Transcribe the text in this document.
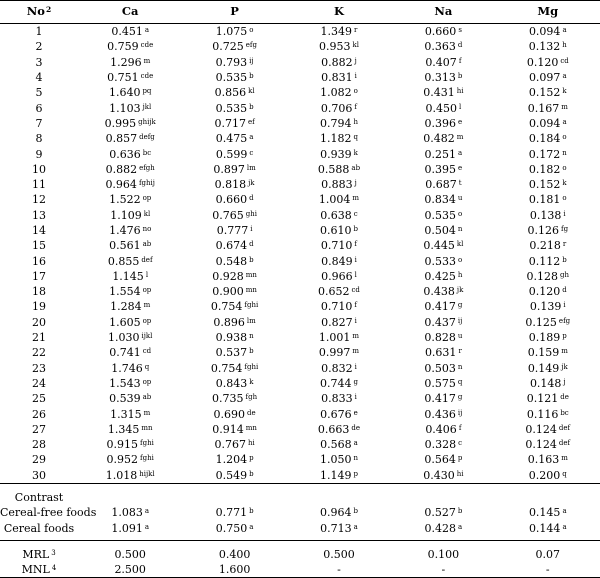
No$^2$	Ca	P	K	Na	Mg
1	0.451 $^a$	1.075 $^o$	1.349 $^r$	0.660 $^s$	0.094 $^a$
2	0.759 $^{cde}$	0.725 $^{efg}$	0.953 $^{kl}$	0.363 $^d$	0.132 $^h$
3	1.296 $^m$	0.793 $^{ij}$	0.882 $^j$	0.407 $^f$	0.120 $^{cd}$
4	0.751 $^{cde}$	0.535 $^b$	0.831 $^i$	0.313 $^b$	0.097 $^a$
5	1.640 $^{pq}$	0.856 $^{kl}$	1.082 $^o$	0.431 $^{hi}$	0.152 $^k$
6	1.103 $^{jkl}$	0.535 $^b$	0.706 $^f$	0.450 $^l$	0.167 $^m$
7	0.995 $^{ghijk}$	0.717 $^{ef}$	0.794 $^h$	0.396 $^e$	0.094 $^a$
8	0.857 $^{defg}$	0.475 $^a$	1.182 $^q$	0.482 $^m$	0.184 $^o$
9	0.636 $^{bc}$	0.599 $^c$	0.939 $^k$	0.251 $^a$	0.172 $^n$
10	0.882 $^{efgh}$	0.897 $^{lm}$	0.588 $^{ab}$	0.395 $^e$	0.182 $^o$
11	0.964 $^{fghij}$	0.818 $^{jk}$	0.883 $^j$	0.687 $^t$	0.152 $^k$
12	1.522 $^{op}$	0.660 $^d$	1.004 $^m$	0.834 $^u$	0.181 $^o$
13	1.109 $^{kl}$	0.765 $^{ghi}$	0.638 $^c$	0.535 $^o$	0.138 $^i$
14	1.476 $^{no}$	0.777 $^i$	0.610 $^b$	0.504 $^n$	0.126 $^{fg}$
15	0.561 $^{ab}$	0.674 $^d$	0.710 $^f$	0.445 $^{kl}$	0.218 $^r$
16	0.855 $^{def}$	0.548 $^b$	0.849 $^i$	0.533 $^o$	0.112 $^b$
17	1.145 $^l$	0.928 $^{mn}$	0.966 $^l$	0.425 $^h$	0.128 $^{gh}$
18	1.554 $^{op}$	0.900 $^{mn}$	0.652 $^{cd}$	0.438 $^{jk}$	0.120 $^d$
19	1.284 $^m$	0.754 $^{fghi}$	0.710 $^f$	0.417 $^g$	0.139 $^i$
20	1.605 $^{op}$	0.896 $^{lm}$	0.827 $^i$	0.437 $^{ij}$	0.125 $^{efg}$
21	1.030 $^{ijkl}$	0.938 $^n$	1.001 $^m$	0.828 $^u$	0.189 $^p$
22	0.741 $^{cd}$	0.537 $^b$	0.997 $^m$	0.631 $^r$	0.159 $^m$
23	1.746 $^q$	0.754 $^{fghi}$	0.832 $^i$	0.503 $^n$	0.149 $^{jk}$
24	1.543 $^{op}$	0.843 $^k$	0.744 $^g$	0.575 $^q$	0.148 $^j$
25	0.539 $^{ab}$	0.735 $^{fgh}$	0.833 $^i$	0.417 $^g$	0.121 $^{de}$
26	1.315 $^m$	0.690 $^{de}$	0.676 $^e$	0.436 $^{ij}$	0.116 $^{bc}$
27	1.345 $^{mn}$	0.914 $^{mn}$	0.663 $^{de}$	0.406 $^f$	0.124 $^{def}$
28	0.915 $^{fghi}$	0.767 $^{hi}$	0.568 $^a$	0.328 $^c$	0.124 $^{def}$
29	0.952 $^{fghi}$	1.204 $^p$	1.050 $^n$	0.564 $^p$	0.163 $^m$
30	1.018 $^{hijkl}$	0.549 $^b$	1.149 $^p$	0.430 $^{hi}$	0.200 $^q$
Contrast					
Cereal-free foods	1.083 $^a$	0.771 $^b$	0.964 $^b$	0.527 $^b$	0.145 $^a$
Cereal foods	1.091 $^a$	0.750 $^a$	0.713 $^a$	0.428 $^a$	0.144 $^a$
MRL $^3$	0.500	0.400	0.500	0.100	0.07
MNL $^4$	2.500	1.600	-	-	-
